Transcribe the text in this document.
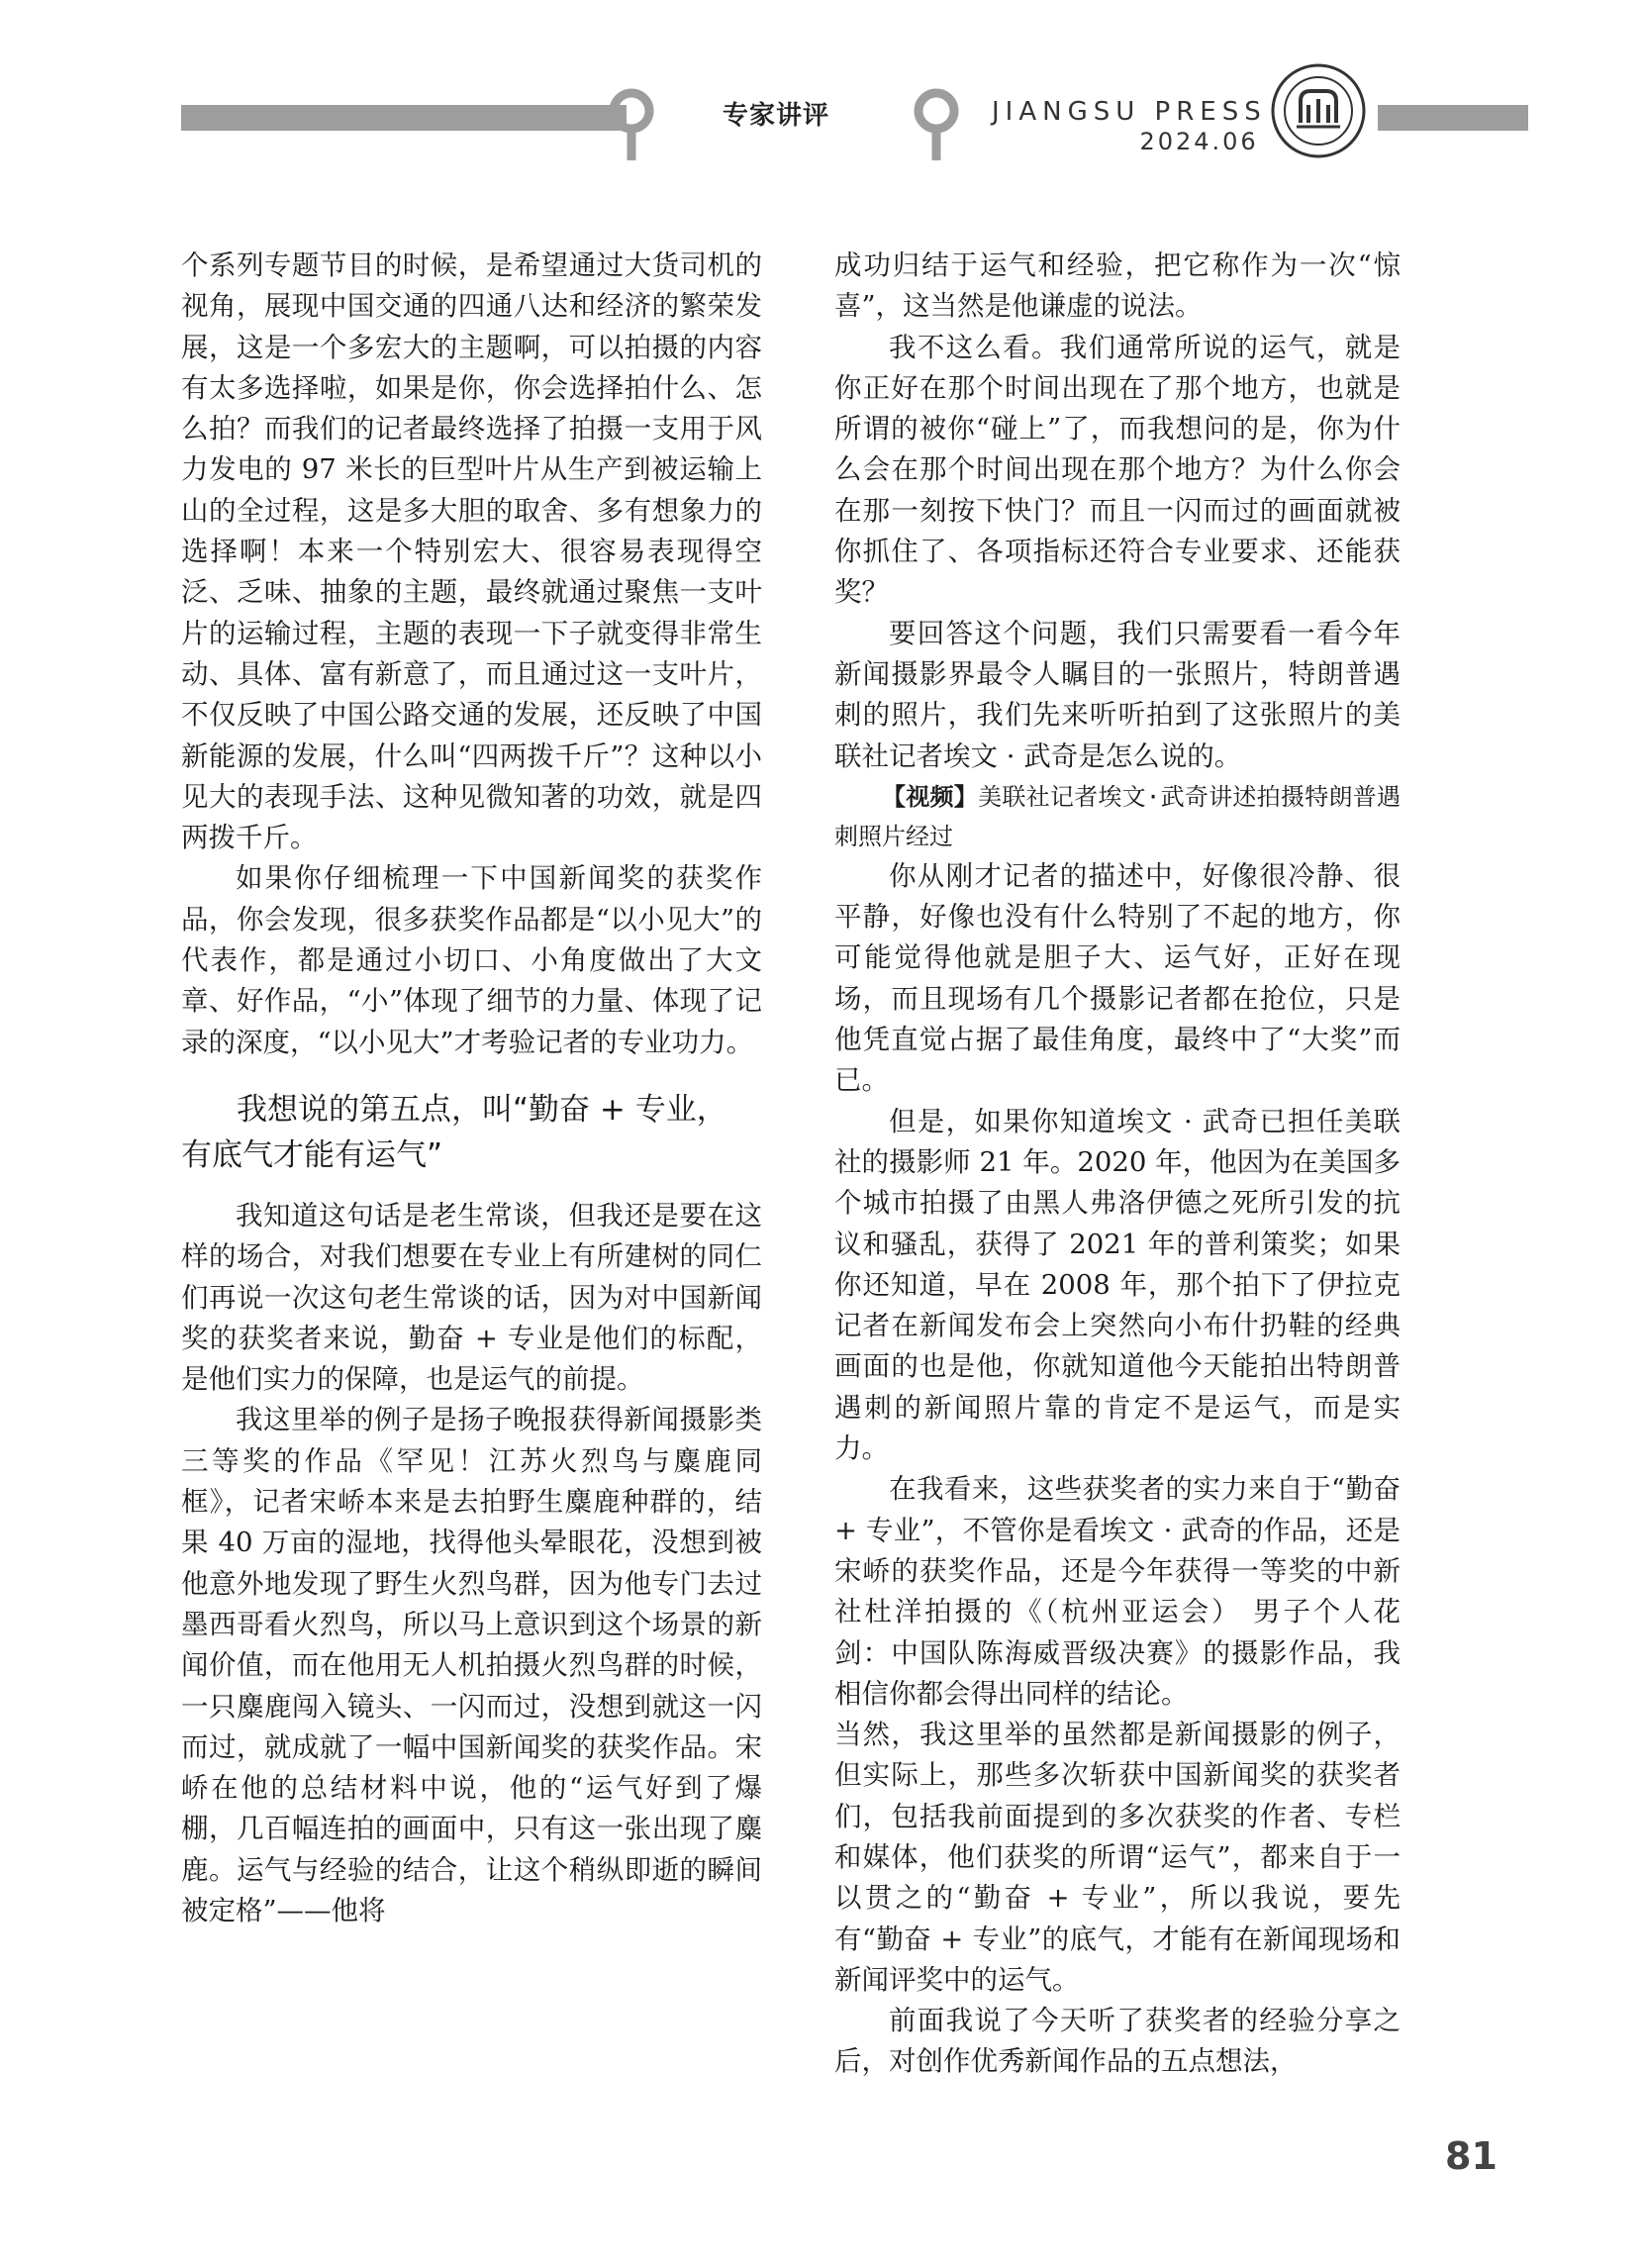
专家讲评	JIANGSU PRESS
2024.06

个系列专题节目的时候，是希望通过大货司机的视角，展现中国交通的四通八达和经济的繁荣发展，这是一个多宏大的主题啊，可以拍摄的内容有太多选择啦，如果是你，你会选择拍什么、怎么拍？而我们的记者最终选择了拍摄一支用于风力发电的 97 米长的巨型叶片从生产到被运输上山的全过程，这是多大胆的取舍、多有想象力的选择啊！本来一个特别宏大、很容易表现得空泛、乏味、抽象的主题，最终就通过聚焦一支叶片的运输过程，主题的表现一下子就变得非常生动、具体、富有新意了，而且通过这一支叶片，不仅反映了中国公路交通的发展，还反映了中国新能源的发展，什么叫“四两拨千斤”？这种以小见大的表现手法、这种见微知著的功效，就是四两拨千斤。

如果你仔细梳理一下中国新闻奖的获奖作品，你会发现，很多获奖作品都是“以小见大”的代表作，都是通过小切口、小角度做出了大文章、好作品，“小”体现了细节的力量、体现了记录的深度，“以小见大”才考验记者的专业功力。

我想说的第五点，叫“勤奋 + 专业，
有底气才能有运气”

我知道这句话是老生常谈，但我还是要在这样的场合，对我们想要在专业上有所建树的同仁们再说一次这句老生常谈的话，因为对中国新闻奖的获奖者来说，勤奋 + 专业是他们的标配，是他们实力的保障，也是运气的前提。

我这里举的例子是扬子晚报获得新闻摄影类三等奖的作品《罕见！江苏火烈鸟与麋鹿同框》，记者宋峤本来是去拍野生麋鹿种群的，结果 40 万亩的湿地，找得他头晕眼花，没想到被他意外地发现了野生火烈鸟群，因为他专门去过墨西哥看火烈鸟，所以马上意识到这个场景的新闻价值，而在他用无人机拍摄火烈鸟群的时候，一只麋鹿闯入镜头、一闪而过，没想到就这一闪而过，就成就了一幅中国新闻奖的获奖作品。宋峤在他的总结材料中说，他的“运气好到了爆棚，几百幅连拍的画面中，只有这一张出现了麋鹿。运气与经验的结合，让这个稍纵即逝的瞬间被定格”——他将

成功归结于运气和经验，把它称作为一次“惊喜”，这当然是他谦虚的说法。

我不这么看。我们通常所说的运气，就是你正好在那个时间出现在了那个地方，也就是所谓的被你“碰上”了，而我想问的是，你为什么会在那个时间出现在那个地方？为什么你会在那一刻按下快门？而且一闪而过的画面就被你抓住了、各项指标还符合专业要求、还能获奖？

要回答这个问题，我们只需要看一看今年新闻摄影界最令人瞩目的一张照片，特朗普遇刺的照片，我们先来听听拍到了这张照片的美联社记者埃文 · 武奇是怎么说的。

【视频】美联社记者埃文·武奇讲述拍摄特朗普遇刺照片经过

你从刚才记者的描述中，好像很冷静、很平静，好像也没有什么特别了不起的地方，你可能觉得他就是胆子大、运气好，正好在现场，而且现场有几个摄影记者都在抢位，只是他凭直觉占据了最佳角度，最终中了“大奖”而已。

但是，如果你知道埃文 · 武奇已担任美联社的摄影师 21 年。2020 年，他因为在美国多个城市拍摄了由黑人弗洛伊德之死所引发的抗议和骚乱，获得了 2021 年的普利策奖；如果你还知道，早在 2008 年，那个拍下了伊拉克记者在新闻发布会上突然向小布什扔鞋的经典画面的也是他，你就知道他今天能拍出特朗普遇刺的新闻照片靠的肯定不是运气，而是实力。

在我看来，这些获奖者的实力来自于“勤奋 + 专业”，不管你是看埃文 · 武奇的作品，还是宋峤的获奖作品，还是今年获得一等奖的中新社杜洋拍摄的《（杭州亚运会） 男子个人花剑：中国队陈海威晋级决赛》的摄影作品，我相信你都会得出同样的结论。

当然，我这里举的虽然都是新闻摄影的例子，但实际上，那些多次斩获中国新闻奖的获奖者们，包括我前面提到的多次获奖的作者、专栏和媒体，他们获奖的所谓“运气”，都来自于一以贯之的“勤奋 + 专业”，所以我说，要先有“勤奋 + 专业”的底气，才能有在新闻现场和新闻评奖中的运气。

前面我说了今天听了获奖者的经验分享之后，对创作优秀新闻作品的五点想法，

81
